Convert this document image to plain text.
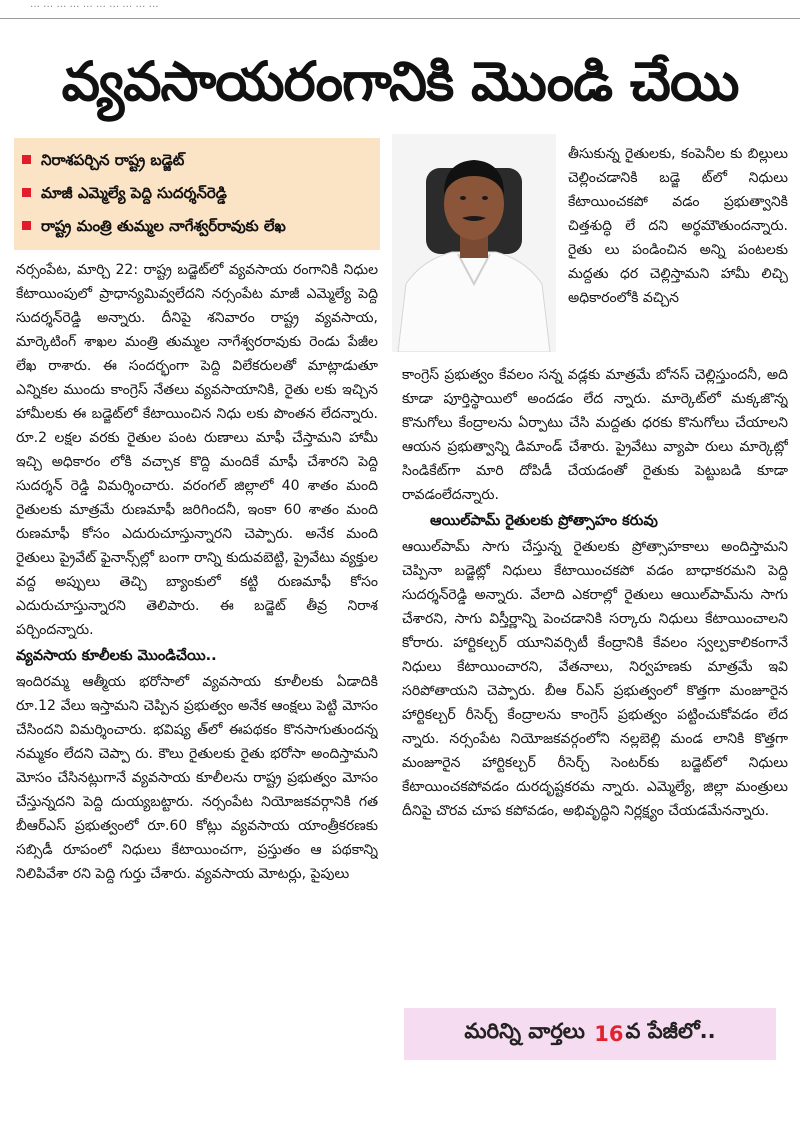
… … … … … … … … … …
వ్యవసాయరంగానికి మొండి చేయి
నిరాశపర్చిన రాష్ట్ర బడ్జెట్
మాజీ ఎమ్మెల్యే పెద్ది సుదర్శన్‌రెడ్డి
రాష్ట్ర మంత్రి తుమ్మల నాగేశ్వర్‌రావుకు లేఖ

తీసుకున్న రైతులకు, కంపెనీల కు బిల్లులు చెల్లించడానికి బడ్జె ట్‌లో నిధులు కేటాయించకపో వడం ప్రభుత్వానికి చిత్తశుద్ధి లే దని అర్థమౌతుందన్నారు. రైతు లు పండించిన అన్ని పంటలకు మద్దతు ధర చెల్లిస్తామని హామీ లిచ్చి అధికారంలోకి వచ్చిన

నర్సంపేట, మార్చి 22: రాష్ట్ర బడ్జెట్‌లో వ్యవసాయ రంగానికి నిధుల కేటాయింపులో ప్రాధాన్యమివ్వలేదని నర్సంపేట మాజీ ఎమ్మెల్యే పెద్ది సుదర్శన్‌రెడ్డి అన్నారు. దీనిపై శనివారం రాష్ట్ర వ్యవసాయ, మార్కెటింగ్ శాఖల మంత్రి తుమ్మల నాగేశ్వరరావుకు రెండు పేజీల లేఖ రాశారు. ఈ సందర్భంగా పెద్ది విలేకరులతో మాట్లాడుతూ ఎన్నికల ముందు కాంగ్రెస్ నేతలు వ్యవసాయానికి, రైతు లకు ఇచ్చిన హామీలకు ఈ బడ్జెట్‌లో కేటాయించిన నిధు లకు పొంతన లేదన్నారు. రూ.2 లక్షల వరకు రైతుల పంట రుణాలు మాఫీ చేస్తామని హామీ ఇచ్చి అధికారం లోకి వచ్చాక కొద్ది మందికే మాఫీ చేశారని పెద్ది సుదర్శన్ రెడ్డి విమర్శించారు. వరంగల్ జిల్లాలో 40 శాతం మంది రైతులకు మాత్రమే రుణమాఫీ జరిగిందనీ, ఇంకా 60 శాతం మంది రుణమాఫీ కోసం ఎదురుచూస్తున్నారని చెప్పారు. అనేక మంది రైతులు ప్రైవేట్ ఫైనాన్స్‌ల్లో బంగా రాన్ని కుదువబెట్టి, ప్రైవేటు వ్యక్తుల వద్ద అప్పులు తెచ్చి బ్యాంకులో కట్టి రుణమాఫీ కోసం ఎదురుచూస్తున్నారని తెలిపారు. ఈ బడ్జెట్ తీవ్ర నిరాశ పర్చిందన్నారు.

వ్యవసాయ కూలీలకు మొండిచేయి..

ఇందిరమ్మ ఆత్మీయ భరోసాలో వ్యవసాయ కూలీలకు ఏడాదికి రూ.12 వేలు ఇస్తామని చెప్పిన ప్రభుత్వం అనేక ఆంక్షలు పెట్టి మోసం చేసిందని విమర్శించారు. భవిష్య త్‌లో ఈపథకం కొనసాగుతుందన్న నమ్మకం లేదని చెప్పా రు. కౌలు రైతులకు రైతు భరోసా అందిస్తామని మోసం చేసినట్లుగానే వ్యవసాయ కూలీలను రాష్ట్ర ప్రభుత్వం మోసం చేస్తున్నదని పెద్ది దుయ్యబట్టారు. నర్సంపేట నియోజకవర్గానికి గత బీఆర్‌ఎస్ ప్రభుత్వంలో రూ.60 కోట్లు వ్యవసాయ యాంత్రీకరణకు సబ్సిడీ రూపంలో నిధులు కేటాయించగా, ప్రస్తుతం ఆ పథకాన్ని నిలిపివేశా రని పెద్ది గుర్తు చేశారు. వ్యవసాయ మోటర్లు, పైపులు

కాంగ్రెస్ ప్రభుత్వం కేవలం సన్న వడ్లకు మాత్రమే బోనస్ చెల్లిస్తుందనీ, అది కూడా పూర్తిస్థాయిలో అందడం లేద న్నారు. మార్కెట్‌లో మక్కజొన్న కొనుగోలు కేంద్రాలను ఏర్పాటు చేసి మద్దతు ధరకు కొనుగోలు చేయాలని ఆయన ప్రభుత్వాన్ని డిమాండ్ చేశారు. ప్రైవేటు వ్యాపా రులు మార్కెట్లో సిండికేట్‌గా మారి దోపిడీ చేయడంతో రైతుకు పెట్టుబడి కూడా రావడంలేదన్నారు.

ఆయిల్‌పామ్ రైతులకు ప్రోత్సాహం కరువు

ఆయిల్‌పామ్ సాగు చేస్తున్న రైతులకు ప్రోత్సాహకాలు అందిస్తామని చెప్పినా బడ్జెట్లో నిధులు కేటాయించకపో వడం బాధాకరమని పెద్ది సుదర్శన్‌రెడ్డి అన్నారు. వేలాది ఎకరాల్లో రైతులు ఆయిల్‌పామ్‌ను సాగు చేశారని, సాగు విస్తీర్ణాన్ని పెంచడానికి సర్కారు నిధులు కేటాయించాలని కోరారు. హార్టికల్చర్ యూనివర్సిటీ కేంద్రానికి కేవలం స్వల్పకాలికంగానే నిధులు కేటాయించారని, వేతనాలు, నిర్వహణకు మాత్రమే ఇవి సరిపోతాయని చెప్పారు. బీఆ ర్‌ఎస్ ప్రభుత్వంలో కొత్తగా మంజూరైన హార్టికల్చర్ రీసెర్చ్ కేంద్రాలను కాంగ్రెస్ ప్రభుత్వం పట్టించుకోవడం లేద న్నారు. నర్సంపేట నియోజకవర్గంలోని నల్లబెల్లి మండ లానికి కొత్తగా మంజూరైన హార్టికల్చర్ రీసెర్చ్ సెంటర్‌కు బడ్జెట్‌లో నిధులు కేటాయించకపోవడం దురదృష్టకరమ న్నారు. ఎమ్మెల్యే, జిల్లా మంత్రులు దీనిపై చొరవ చూప కపోవడం, అభివృద్ధిని నిర్లక్ష్యం చేయడమేనన్నారు.

మరిన్ని వార్తలు
16 వ పేజీలో..
